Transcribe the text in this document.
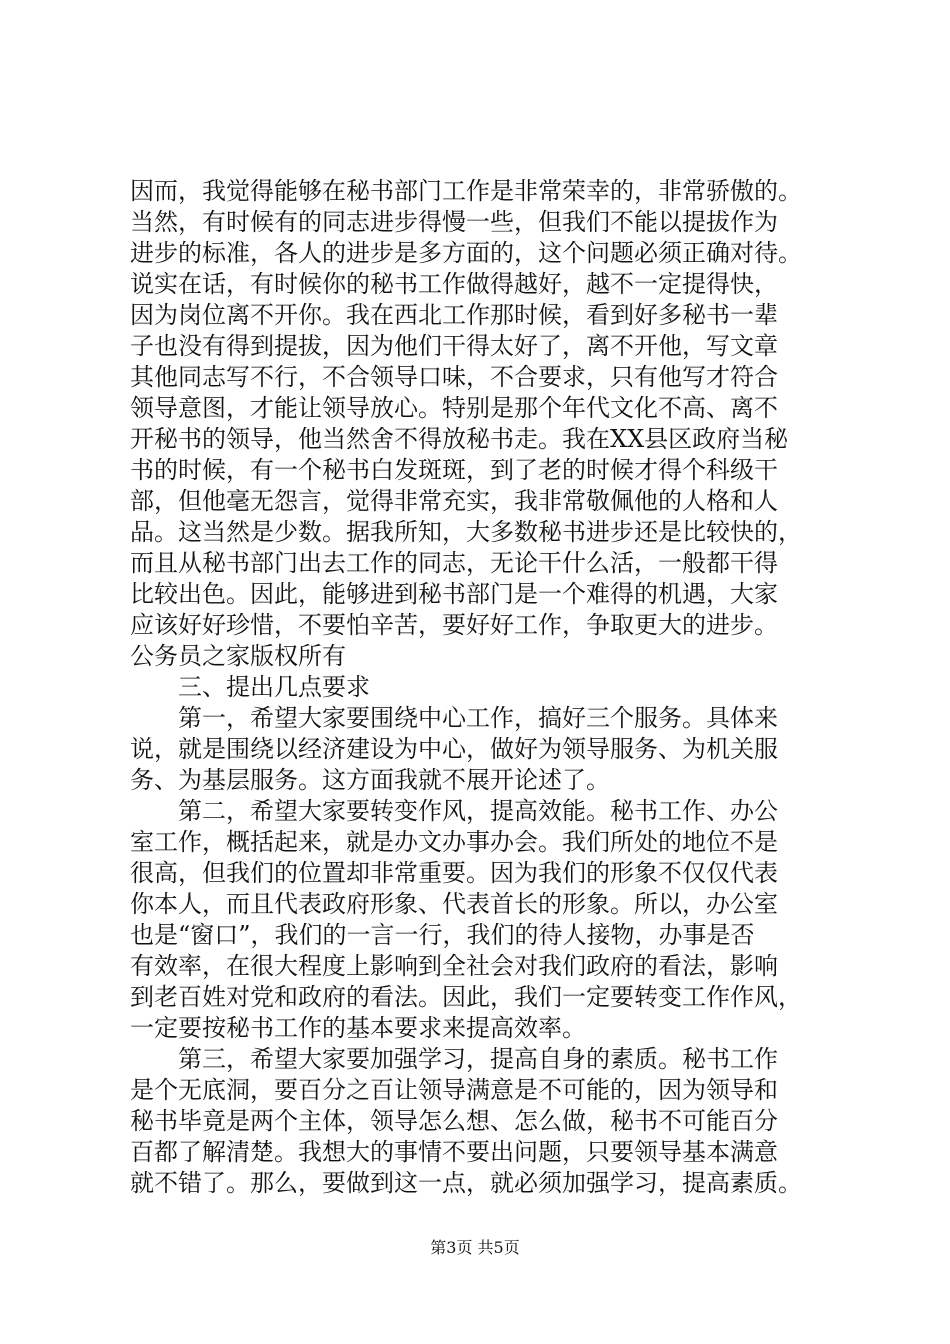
因而，我觉得能够在秘书部门工作是非常荣幸的，非常骄傲的。
当然，有时候有的同志进步得慢一些，但我们不能以提拔作为
进步的标准，各人的进步是多方面的，这个问题必须正确对待。
说实在话，有时候你的秘书工作做得越好，越不一定提得快，
因为岗位离不开你。我在西北工作那时候，看到好多秘书一辈
子也没有得到提拔，因为他们干得太好了，离不开他，写文章
其他同志写不行，不合领导口味，不合要求，只有他写才符合
领导意图，才能让领导放心。特别是那个年代文化不高、离不
开秘书的领导，他当然舍不得放秘书走。我在XX县区政府当秘
书的时候，有一个秘书白发斑斑，到了老的时候才得个科级干
部，但他毫无怨言，觉得非常充实，我非常敬佩他的人格和人
品。这当然是少数。据我所知，大多数秘书进步还是比较快的，
而且从秘书部门出去工作的同志，无论干什么活，一般都干得
比较出色。因此，能够进到秘书部门是一个难得的机遇，大家
应该好好珍惜，不要怕辛苦，要好好工作，争取更大的进步。
公务员之家版权所有
三、提出几点要求
第一，希望大家要围绕中心工作，搞好三个服务。具体来
说，就是围绕以经济建设为中心，做好为领导服务、为机关服
务、为基层服务。这方面我就不展开论述了。
第二，希望大家要转变作风，提高效能。秘书工作、办公
室工作，概括起来，就是办文办事办会。我们所处的地位不是
很高，但我们的位置却非常重要。因为我们的形象不仅仅代表
你本人，而且代表政府形象、代表首长的形象。所以，办公室
也是“窗口”，我们的一言一行，我们的待人接物，办事是否
有效率，在很大程度上影响到全社会对我们政府的看法，影响
到老百姓对党和政府的看法。因此，我们一定要转变工作作风，
一定要按秘书工作的基本要求来提高效率。
第三，希望大家要加强学习，提高自身的素质。秘书工作
是个无底洞，要百分之百让领导满意是不可能的，因为领导和
秘书毕竟是两个主体，领导怎么想、怎么做，秘书不可能百分
百都了解清楚。我想大的事情不要出问题，只要领导基本满意
就不错了。那么，要做到这一点，就必须加强学习，提高素质。
第3页 共5页
